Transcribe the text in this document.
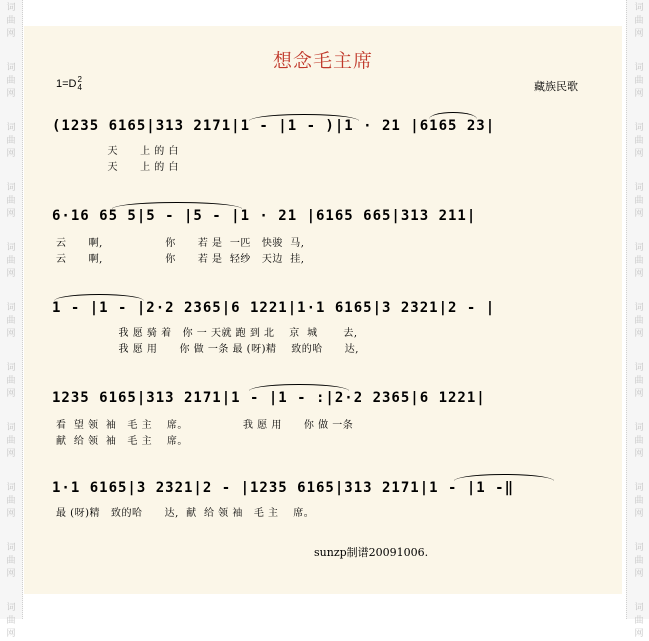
词 曲 网
词 曲 网
词 曲 网
词 曲 网
词 曲 网
词 曲 网
词 曲 网
词 曲 网
词 曲 网
词 曲 网
词 曲 网
词 曲 网
词 曲 网
词 曲 网
词 曲 网
词 曲 网
词 曲 网
词 曲 网
词 曲 网
词 曲 网
词 曲 网
词 曲 网
想念毛主席
1=D2
4	藏族民歌
(1235 6165|313 2171|1 - |1 - )|1 · 21 |6165 23|
天      上 的 白
天      上 的 白
6·16 65 5|5 - |5 - |1 · 21 |6165 665|313 211|
云      啊,                 你      若 是  一匹   快骏  马,
云      啊,                 你      若 是  轻纱   天边  挂,
1 - |1 - |2·2 2365|6 1221|1·1 6165|3 2321|2 - |
我 愿 骑 着   你 一 天就 跑 到 北    京  城       去,
我 愿 用      你 做 一条 最 (呀)精    致的哈      达,
1235 6165|313 2171|1 - |1 - :|2·2 2365|6 1221|
看  望 领  袖   毛 主    席。               我 愿 用      你 做 一条
献  给 领  袖   毛 主    席。
1·1 6165|3 2321|2 - |1235 6165|313 2171|1 - |1 -‖
最 (呀)精   致的哈      达,  献  给 领 袖   毛 主    席。
sunzp制谱20091006.
